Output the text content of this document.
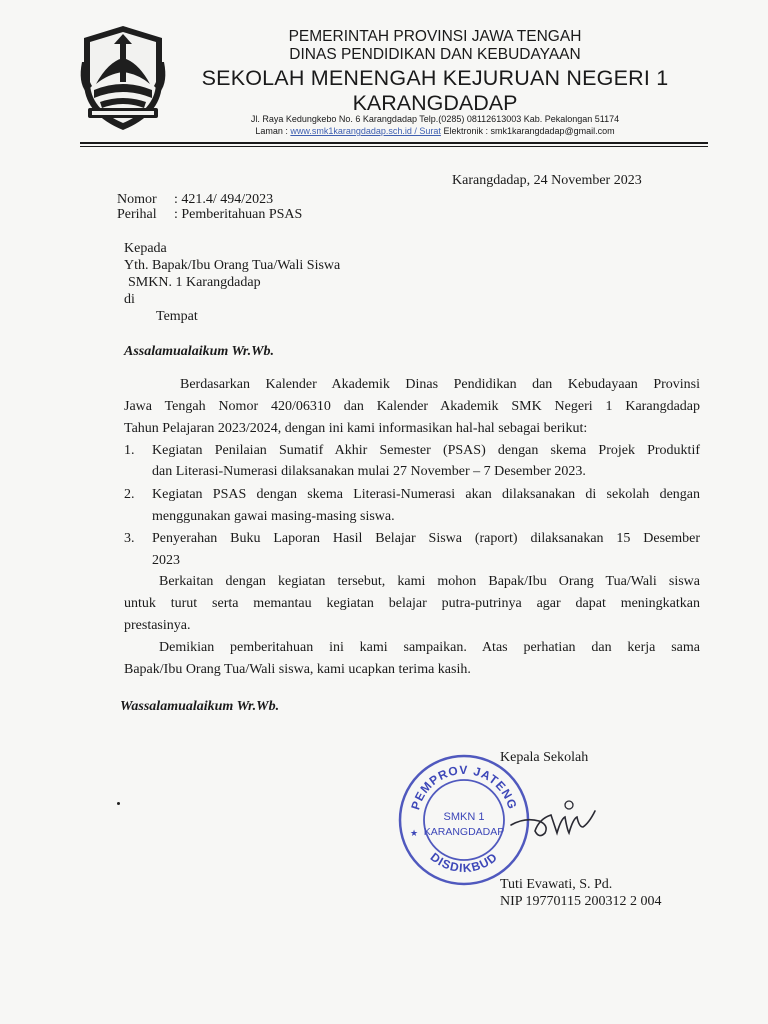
PEMERINTAH PROVINSI JAWA TENGAH
DINAS PENDIDIKAN DAN KEBUDAYAAN
SEKOLAH MENENGAH KEJURUAN NEGERI 1
KARANGDADAP
Jl. Raya Kedungkebo No. 6 Karangdadap Telp.(0285) 08112613003 Kab. Pekalongan 51174
Laman : www.smk1karangdadap.sch.id / Surat Elektronik : smk1karangdadap@gmail.com
Karangdadap, 24 November 2023
Nomor : 421.4/ 494/2023
Perihal : Pemberitahuan PSAS
Kepada
Yth. Bapak/Ibu Orang Tua/Wali Siswa
SMKN. 1 Karangdadap
di
Tempat
Assalamualaikum Wr.Wb.
Berdasarkan Kalender Akademik Dinas Pendidikan dan Kebudayaan Provinsi
Jawa Tengah Nomor 420/06310 dan Kalender Akademik SMK Negeri 1 Karangdadap
Tahun Pelajaran 2023/2024, dengan ini kami informasikan hal-hal sebagai berikut:
1. Kegiatan Penilaian Sumatif Akhir Semester (PSAS) dengan skema Projek Produktif
dan Literasi-Numerasi dilaksanakan mulai 27 November – 7 Desember 2023.
2. Kegiatan PSAS dengan skema Literasi-Numerasi akan dilaksanakan di sekolah dengan
menggunakan gawai masing-masing siswa.
3. Penyerahan Buku Laporan Hasil Belajar Siswa (raport) dilaksanakan 15 Desember
2023
Berkaitan dengan kegiatan tersebut, kami mohon Bapak/Ibu Orang Tua/Wali siswa
untuk turut serta memantau kegiatan belajar putra-putrinya agar dapat meningkatkan
prestasinya.
Demikian pemberitahuan ini kami sampaikan. Atas perhatian dan kerja sama
Bapak/Ibu Orang Tua/Wali siswa, kami ucapkan terima kasih.
Wassalamualaikum Wr.Wb.
Kepala Sekolah
PEMPROV JATENG
DISDIKBUD
SMKN 1
KARANGDADAP
★
Tuti Evawati, S. Pd.
NIP 19770115 200312 2 004
